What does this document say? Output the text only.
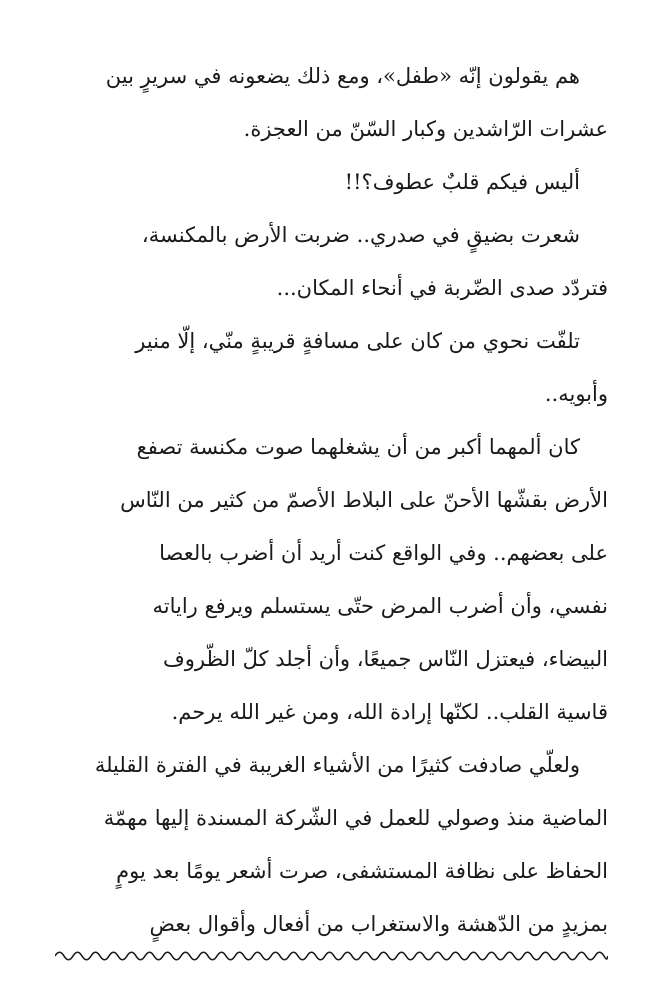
هم يقولون إنّه «طفل»، ومع ذلك يضعونه في سريرٍ بين
عشرات الرّاشدين وكبار السّنّ من العجزة.

أليس فيكم قلبٌ عطوف؟!!

شعرت بضيقٍ في صدري.. ضربت الأرض بالمكنسة،
فتردّد صدى الضّربة في أنحاء المكان...

تلفّت نحوي من كان على مسافةٍ قريبةٍ منّي، إلّا منير
وأبويه..

كان ألمهما أكبر من أن يشغلهما صوت مكنسة تصفع
الأرض بقشّها الأحنّ على البلاط الأصمّ من كثير من النّاس
على بعضهم.. وفي الواقع كنت أريد أن أضرب بالعصا
نفسي، وأن أضرب المرض حتّى يستسلم ويرفع راياته
البيضاء، فيعتزل النّاس جميعًا، وأن أجلد كلّ الظّروف
قاسية القلب.. لكنّها إرادة الله، ومن غير الله يرحم.

ولعلّي صادفت كثيرًا من الأشياء الغريبة في الفترة القليلة
الماضية منذ وصولي للعمل في الشّركة المسندة إليها مهمّة
الحفاظ على نظافة المستشفى، صرت أشعر يومًا بعد يومٍ
بمزيدٍ من الدّهشة والاستغراب من أفعال وأقوال بعضٍ
